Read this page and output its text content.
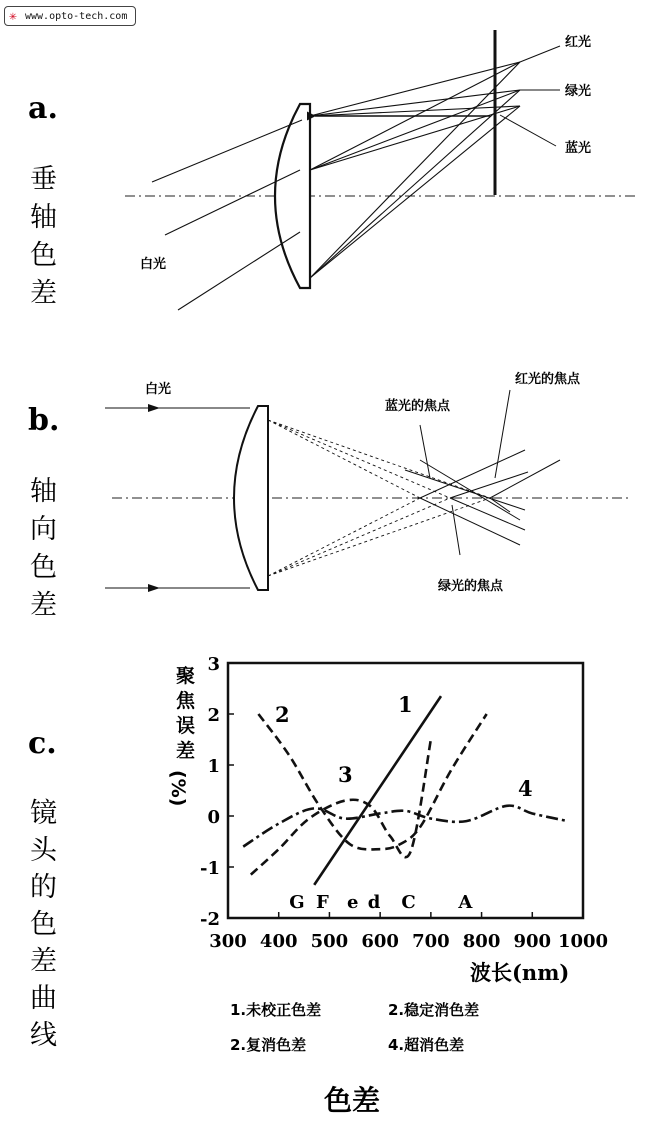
✳ www.opto-tech.com
a.
垂
轴
色
差
红光
绿光
蓝光
白光
b.
轴
向
色
差
白光
蓝光的焦点
红光的焦点
绿光的焦点
c.
镜
头
的
色
差
曲
线
3
2
1
0
-1
-2
300 400 500 600 700 800 900 1000
G F e d C A
1
2
3
4
聚
焦
误
差
(%)
波长(nm)
1.未校正色差	2.稳定消色差
2.复消色差	4.超消色差
色差
